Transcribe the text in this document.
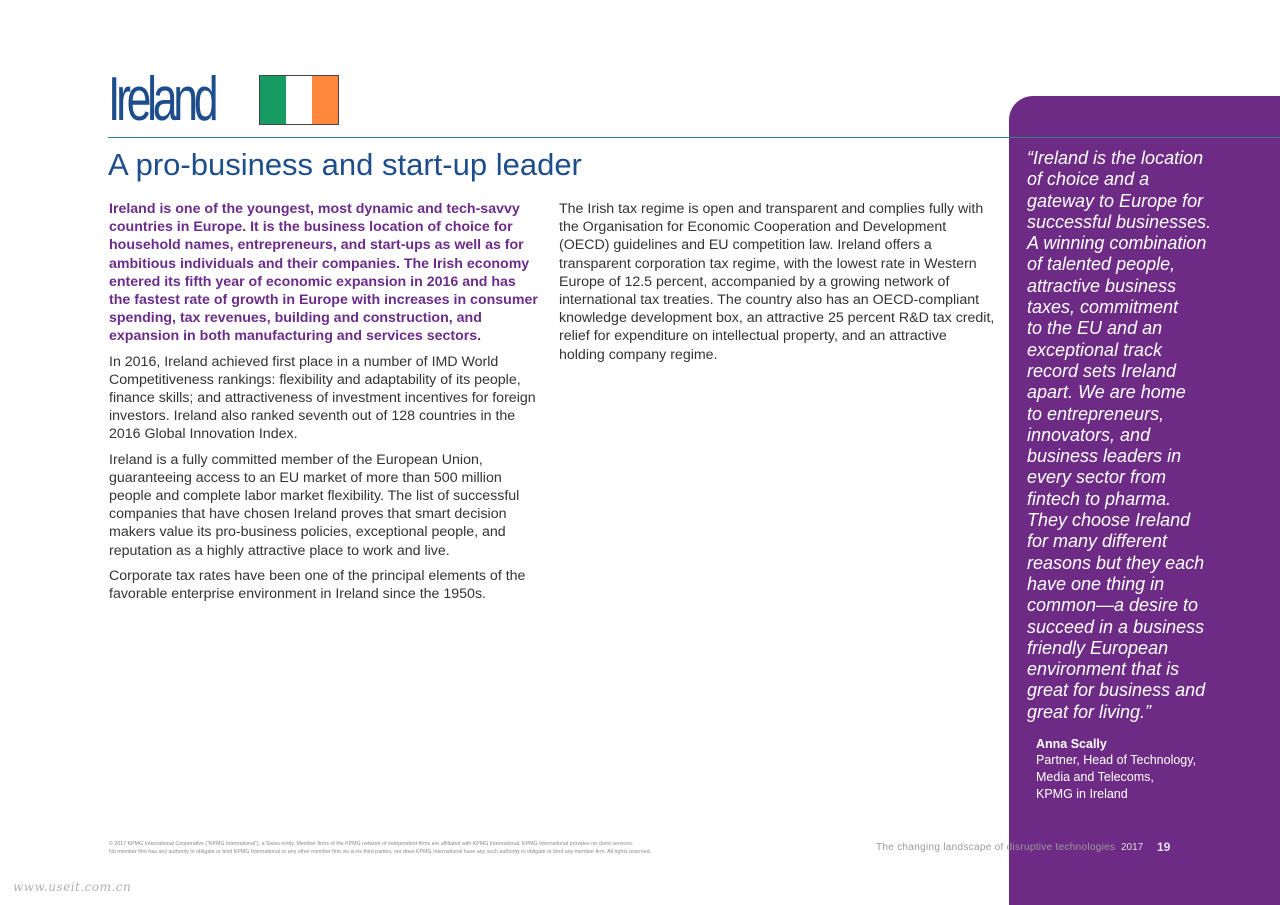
Ireland
A pro-business and start-up leader

Ireland is one of the youngest, most dynamic and tech-savvy countries in Europe. It is the business location of choice for household names, entrepreneurs, and start-ups as well as for ambitious individuals and their companies. The Irish economy entered its fifth year of economic expansion in 2016 and has the fastest rate of growth in Europe with increases in consumer spending, tax revenues, building and construction, and expansion in both manufacturing and services sectors.

In 2016, Ireland achieved first place in a number of IMD World Competitiveness rankings: flexibility and adaptability of its people, finance skills; and attractiveness of investment incentives for foreign investors. Ireland also ranked seventh out of 128 countries in the 2016 Global Innovation Index.

Ireland is a fully committed member of the European Union, guaranteeing access to an EU market of more than 500 million people and complete labor market flexibility. The list of successful companies that have chosen Ireland proves that smart decision makers value its pro-business policies, exceptional people, and reputation as a highly attractive place to work and live.

Corporate tax rates have been one of the principal elements of the favorable enterprise environment in Ireland since the 1950s.

The Irish tax regime is open and transparent and complies fully with the Organisation for Economic Cooperation and Development (OECD) guidelines and EU competition law. Ireland offers a transparent corporation tax regime, with the lowest rate in Western Europe of 12.5 percent, accompanied by a growing network of international tax treaties. The country also has an OECD-compliant knowledge development box, an attractive 25 percent R&D tax credit, relief for expenditure on intellectual property, and an attractive holding company regime.

“Ireland is the location
of choice and a
gateway to Europe for
successful businesses.
A winning combination
of talented people,
attractive business
taxes, commitment
to the EU and an
exceptional track
record sets Ireland
apart. We are home
to entrepreneurs,
innovators, and
business leaders in
every sector from
fintech to pharma.
They choose Ireland
for many different
reasons but they each
have one thing in
common—a desire to
succeed in a business
friendly European
environment that is
great for business and
great for living.”
Anna Scally
Partner, Head of Technology,
Media and Telecoms,
KPMG in Ireland
© 2017 KPMG International Cooperative (“KPMG International”), a Swiss entity. Member firms of the KPMG network of independent firms are affiliated with KPMG International. KPMG International provides no client services.
No member firm has any authority to obligate or bind KPMG International or any other member firm vis-à-vis third parties, nor does KPMG International have any such authority to obligate or bind any member firm. All rights reserved.	The changing landscape of disruptive technologies 2017 19
www.useit.com.cn
